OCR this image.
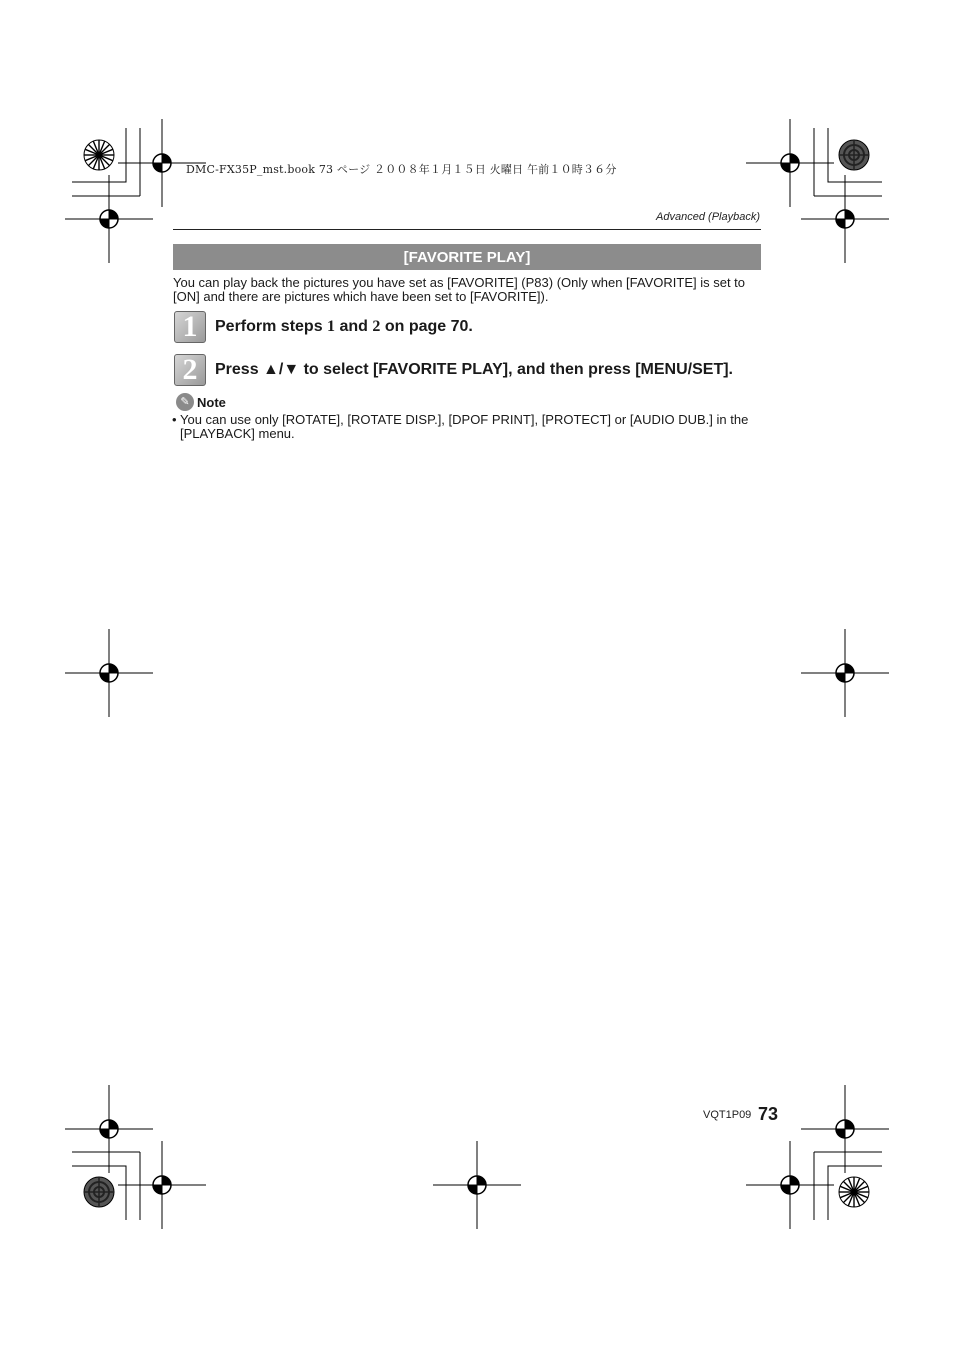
DMC-FX35P_mst.book 73 ページ ２００８年１月１５日 火曜日 午前１０時３６分
Advanced (Playback)
[FAVORITE PLAY]
You can play back the pictures you have set as [FAVORITE] (P83) (Only when [FAVORITE] is set to [ON] and there are pictures which have been set to [FAVORITE]).
1	Perform steps 1 and 2 on page 70.
2	Press ▲/▼ to select [FAVORITE PLAY], and then press [MENU/SET].
✎ Note
• You can use only [ROTATE], [ROTATE DISP.], [DPOF PRINT], [PROTECT] or [AUDIO DUB.] in the [PLAYBACK] menu.
VQT1P09 73
